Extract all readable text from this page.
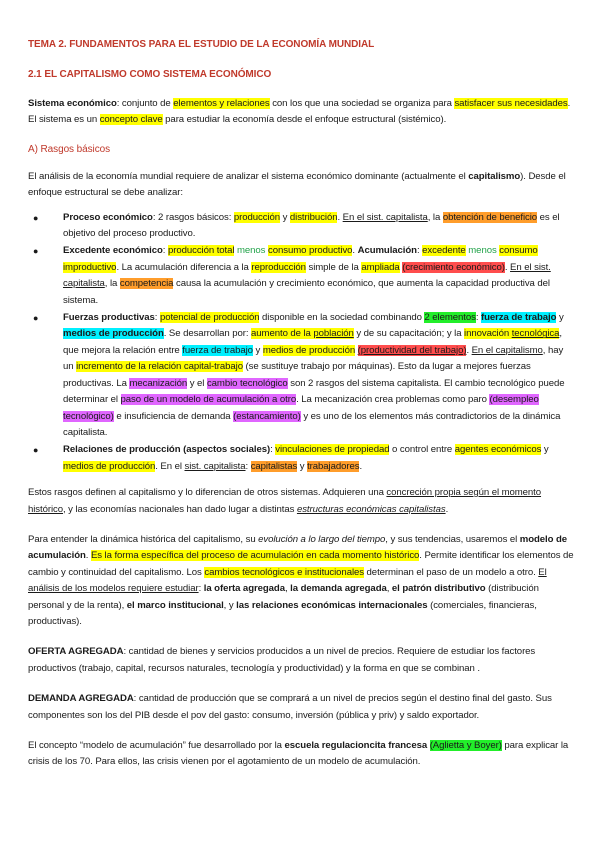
TEMA 2. FUNDAMENTOS PARA EL ESTUDIO DE LA ECONOMÍA MUNDIAL
2.1 EL CAPITALISMO COMO SISTEMA ECONÓMICO

Sistema económico: conjunto de elementos y relaciones con los que una sociedad se organiza para satisfacer sus necesidades. El sistema es un concepto clave para estudiar la economía desde el enfoque estructural (sistémico).

A) Rasgos básicos

El análisis de la economía mundial requiere de analizar el sistema económico dominante (actualmente el capitalismo). Desde el enfoque estructural se debe analizar:

●	Proceso económico: 2 rasgos básicos: producción y distribución. En el sist. capitalista, la obtención de beneficio es el objetivo del proceso productivo.
●	Excedente económico: producción total menos consumo productivo. Acumulación: excedente menos consumo improductivo. La acumulación diferencia a la reproducción simple de la ampliada (crecimiento económico). En el sist. capitalista, la competencia causa la acumulación y crecimiento económico, que aumenta la capacidad productiva del sistema.
●	Fuerzas productivas: potencial de producción disponible en la sociedad combinando 2 elementos: fuerza de trabajo y medios de producción. Se desarrollan por: aumento de la población y de su capacitación; y la innovación tecnológica, que mejora la relación entre fuerza de trabajo y medios de producción (productividad del trabajo). En el capitalismo, hay un incremento de la relación capital-trabajo (se sustituye trabajo por máquinas). Esto da lugar a mejores fuerzas productivas. La mecanización y el cambio tecnológico son 2 rasgos del sistema capitalista. El cambio tecnológico puede determinar el paso de un modelo de acumulación a otro. La mecanización crea problemas como paro (desempleo tecnológico) e insuficiencia de demanda (estancamiento) y es uno de los elementos más contradictorios de la dinámica capitalista.
●	Relaciones de producción (aspectos sociales): vinculaciones de propiedad o control entre agentes económicos y medios de producción. En el sist. capitalista: capitalistas y trabajadores.

Estos rasgos definen al capitalismo y lo diferencian de otros sistemas. Adquieren una concreción propia según el momento histórico, y las economías nacionales han dado lugar a distintas estructuras económicas capitalistas.

Para entender la dinámica histórica del capitalismo, su evolución a lo largo del tiempo, y sus tendencias, usaremos el modelo de acumulación. Es la forma específica del proceso de acumulación en cada momento histórico. Permite identificar los elementos de cambio y continuidad del capitalismo. Los cambios tecnológicos e institucionales determinan el paso de un modelo a otro. El análisis de los modelos requiere estudiar: la oferta agregada, la demanda agregada, el patrón distributivo (distribución personal y de la renta), el marco institucional, y las relaciones económicas internacionales (comerciales, financieras, productivas).

OFERTA AGREGADA: cantidad de bienes y servicios producidos a un nivel de precios. Requiere de estudiar los factores productivos (trabajo, capital, recursos naturales, tecnología y productividad) y la forma en que se combinan .

DEMANDA AGREGADA: cantidad de producción que se comprará a un nivel de precios según el destino final del gasto. Sus componentes son los del PIB desde el pov del gasto: consumo, inversión (pública y priv) y saldo exportador.

El concepto “modelo de acumulación” fue desarrollado por la escuela regulacioncita francesa (Aglietta y Boyer) para explicar la crisis de los 70. Para ellos, las crisis vienen por el agotamiento de un modelo de acumulación.
